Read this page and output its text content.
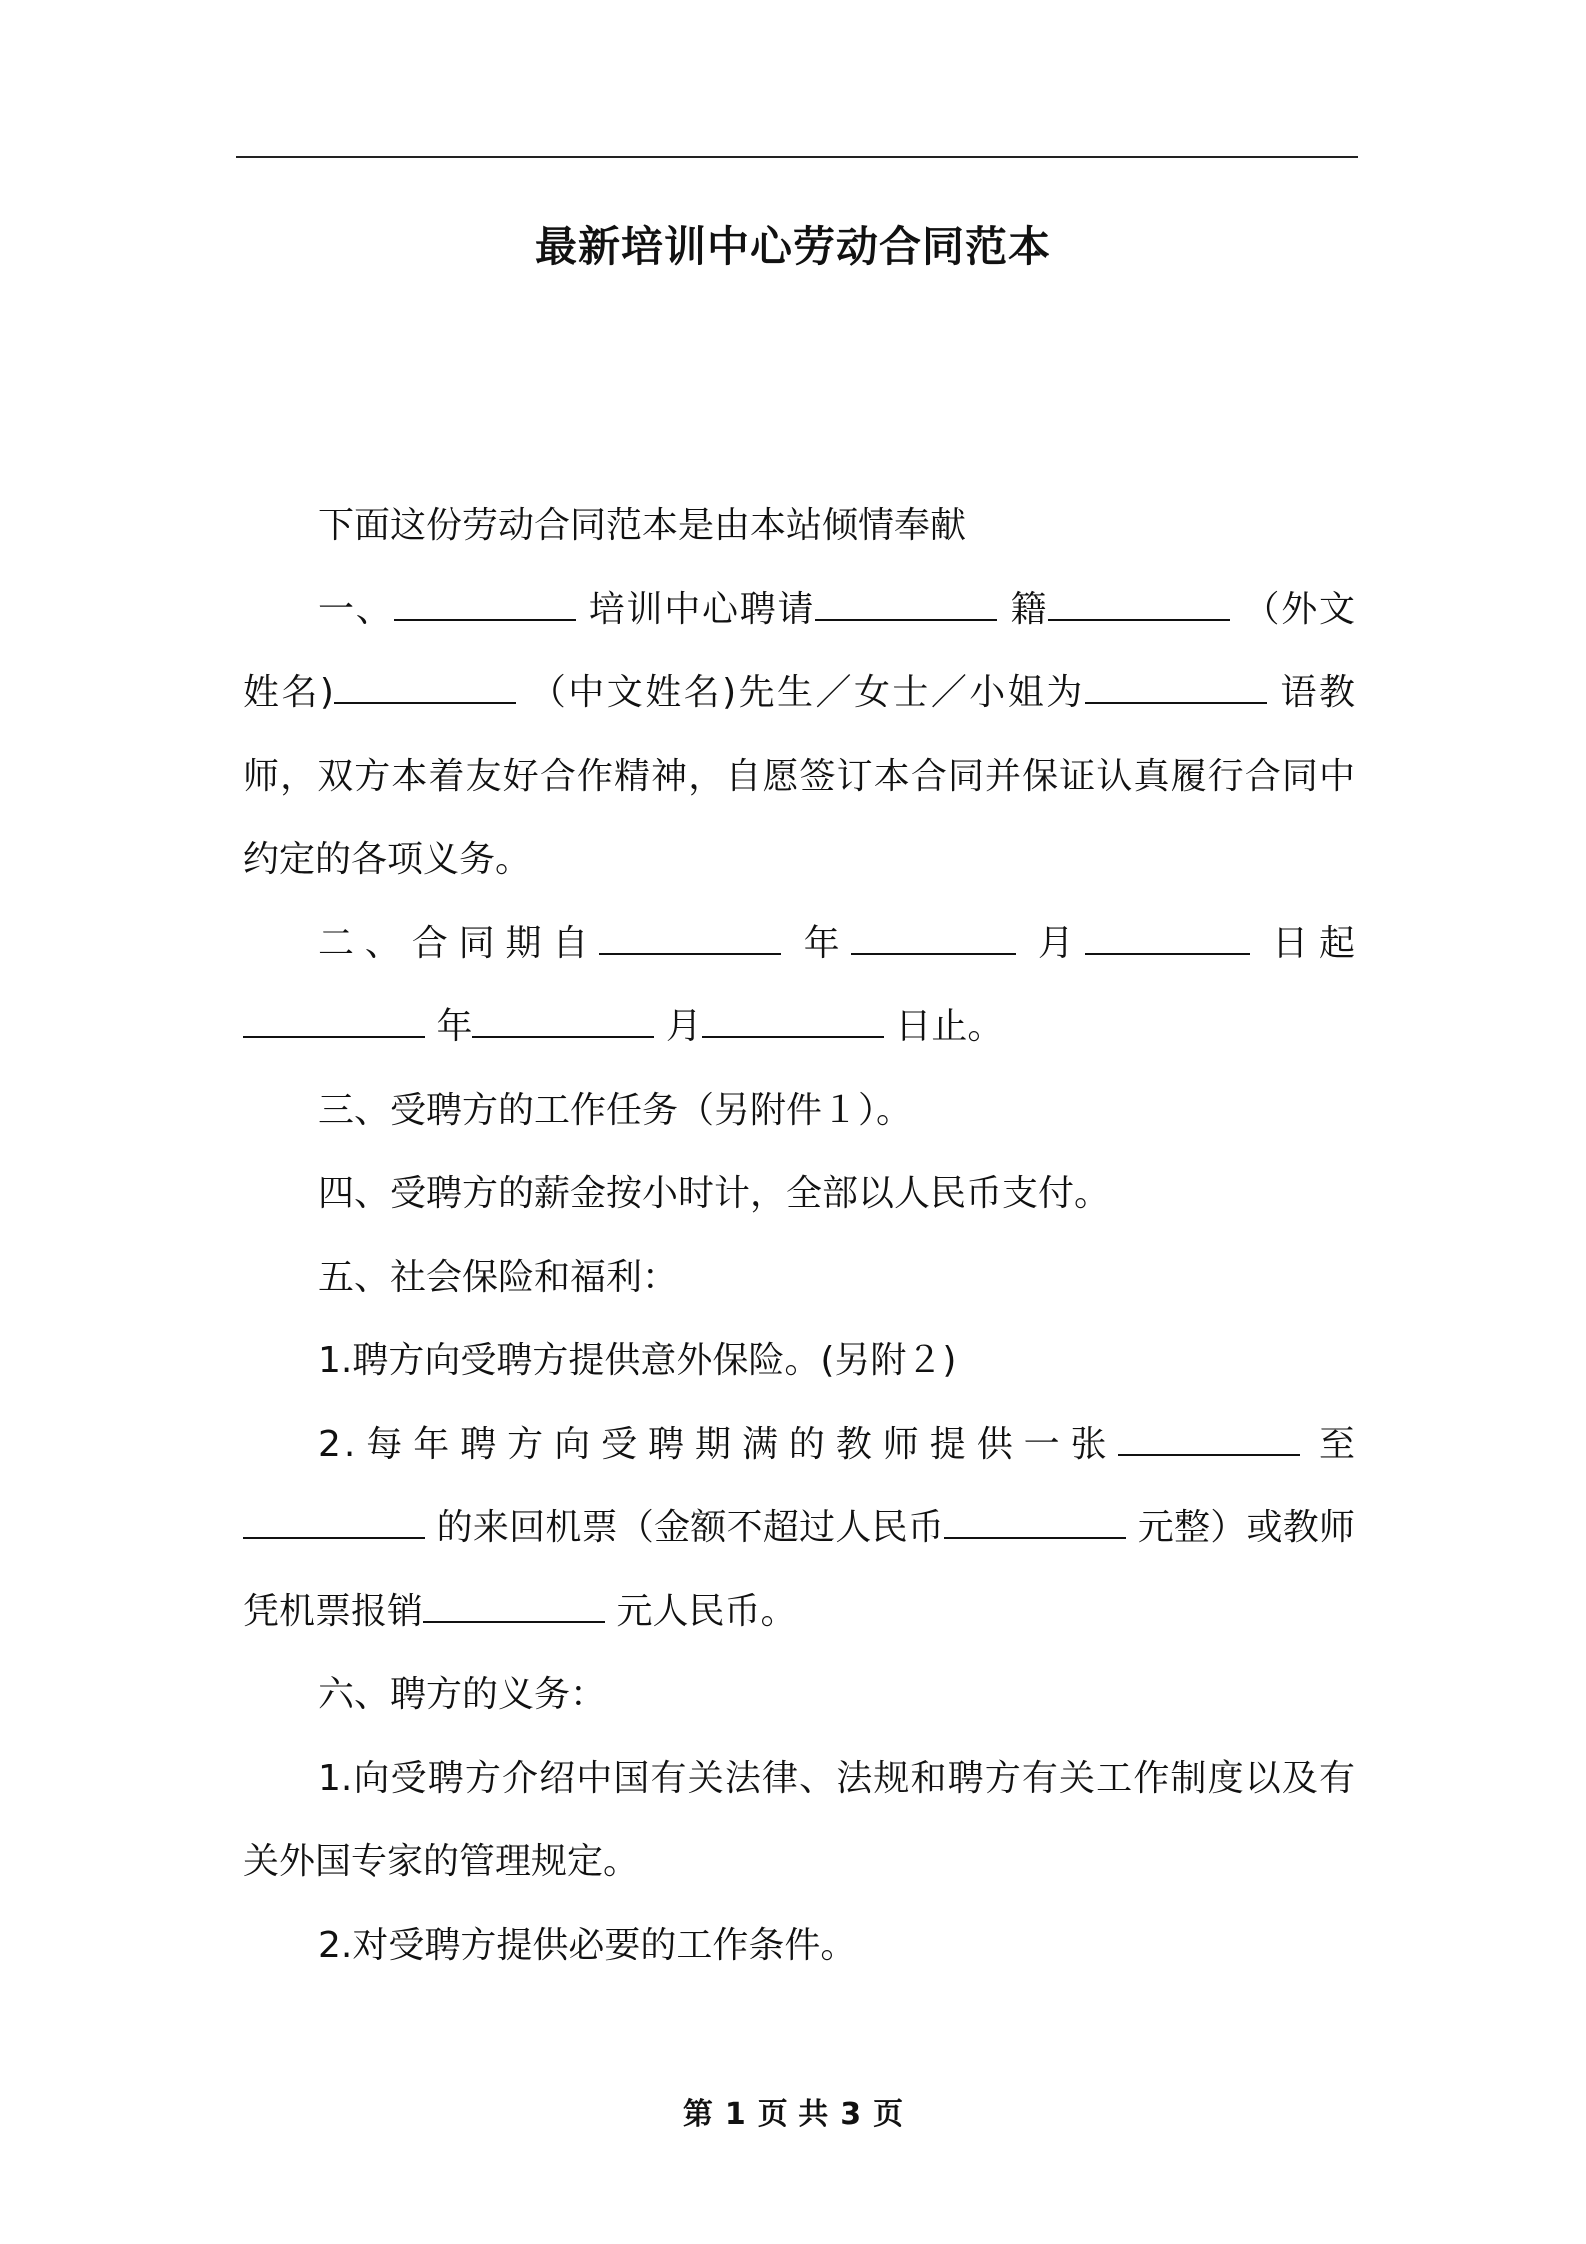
最新培训中心劳动合同范本

下面这份劳动合同范本是由本站倾情奉献

一、	培训中心聘请	籍	（外文姓名)	（中文姓名)先生／女士／小姐为	语教师，双方本着友好合作精神，自愿签订本合同并保证认真履行合同中约定的各项义务。

二、合同期自	年	月	日起 年	月	日止。

三、受聘方的工作任务（另附件１）。

四、受聘方的薪金按小时计，全部以人民币支付。

五、社会保险和福利：

1.聘方向受聘方提供意外保险。(另附２)

2.每年聘方向受聘期满的教师提供一张	至 的来回机票（金额不超过人民币	元整）或教师凭机票报销	元人民币。

六、聘方的义务：

1.向受聘方介绍中国有关法律、法规和聘方有关工作制度以及有关外国专家的管理规定。

2.对受聘方提供必要的工作条件。

第 1 页 共 3 页
